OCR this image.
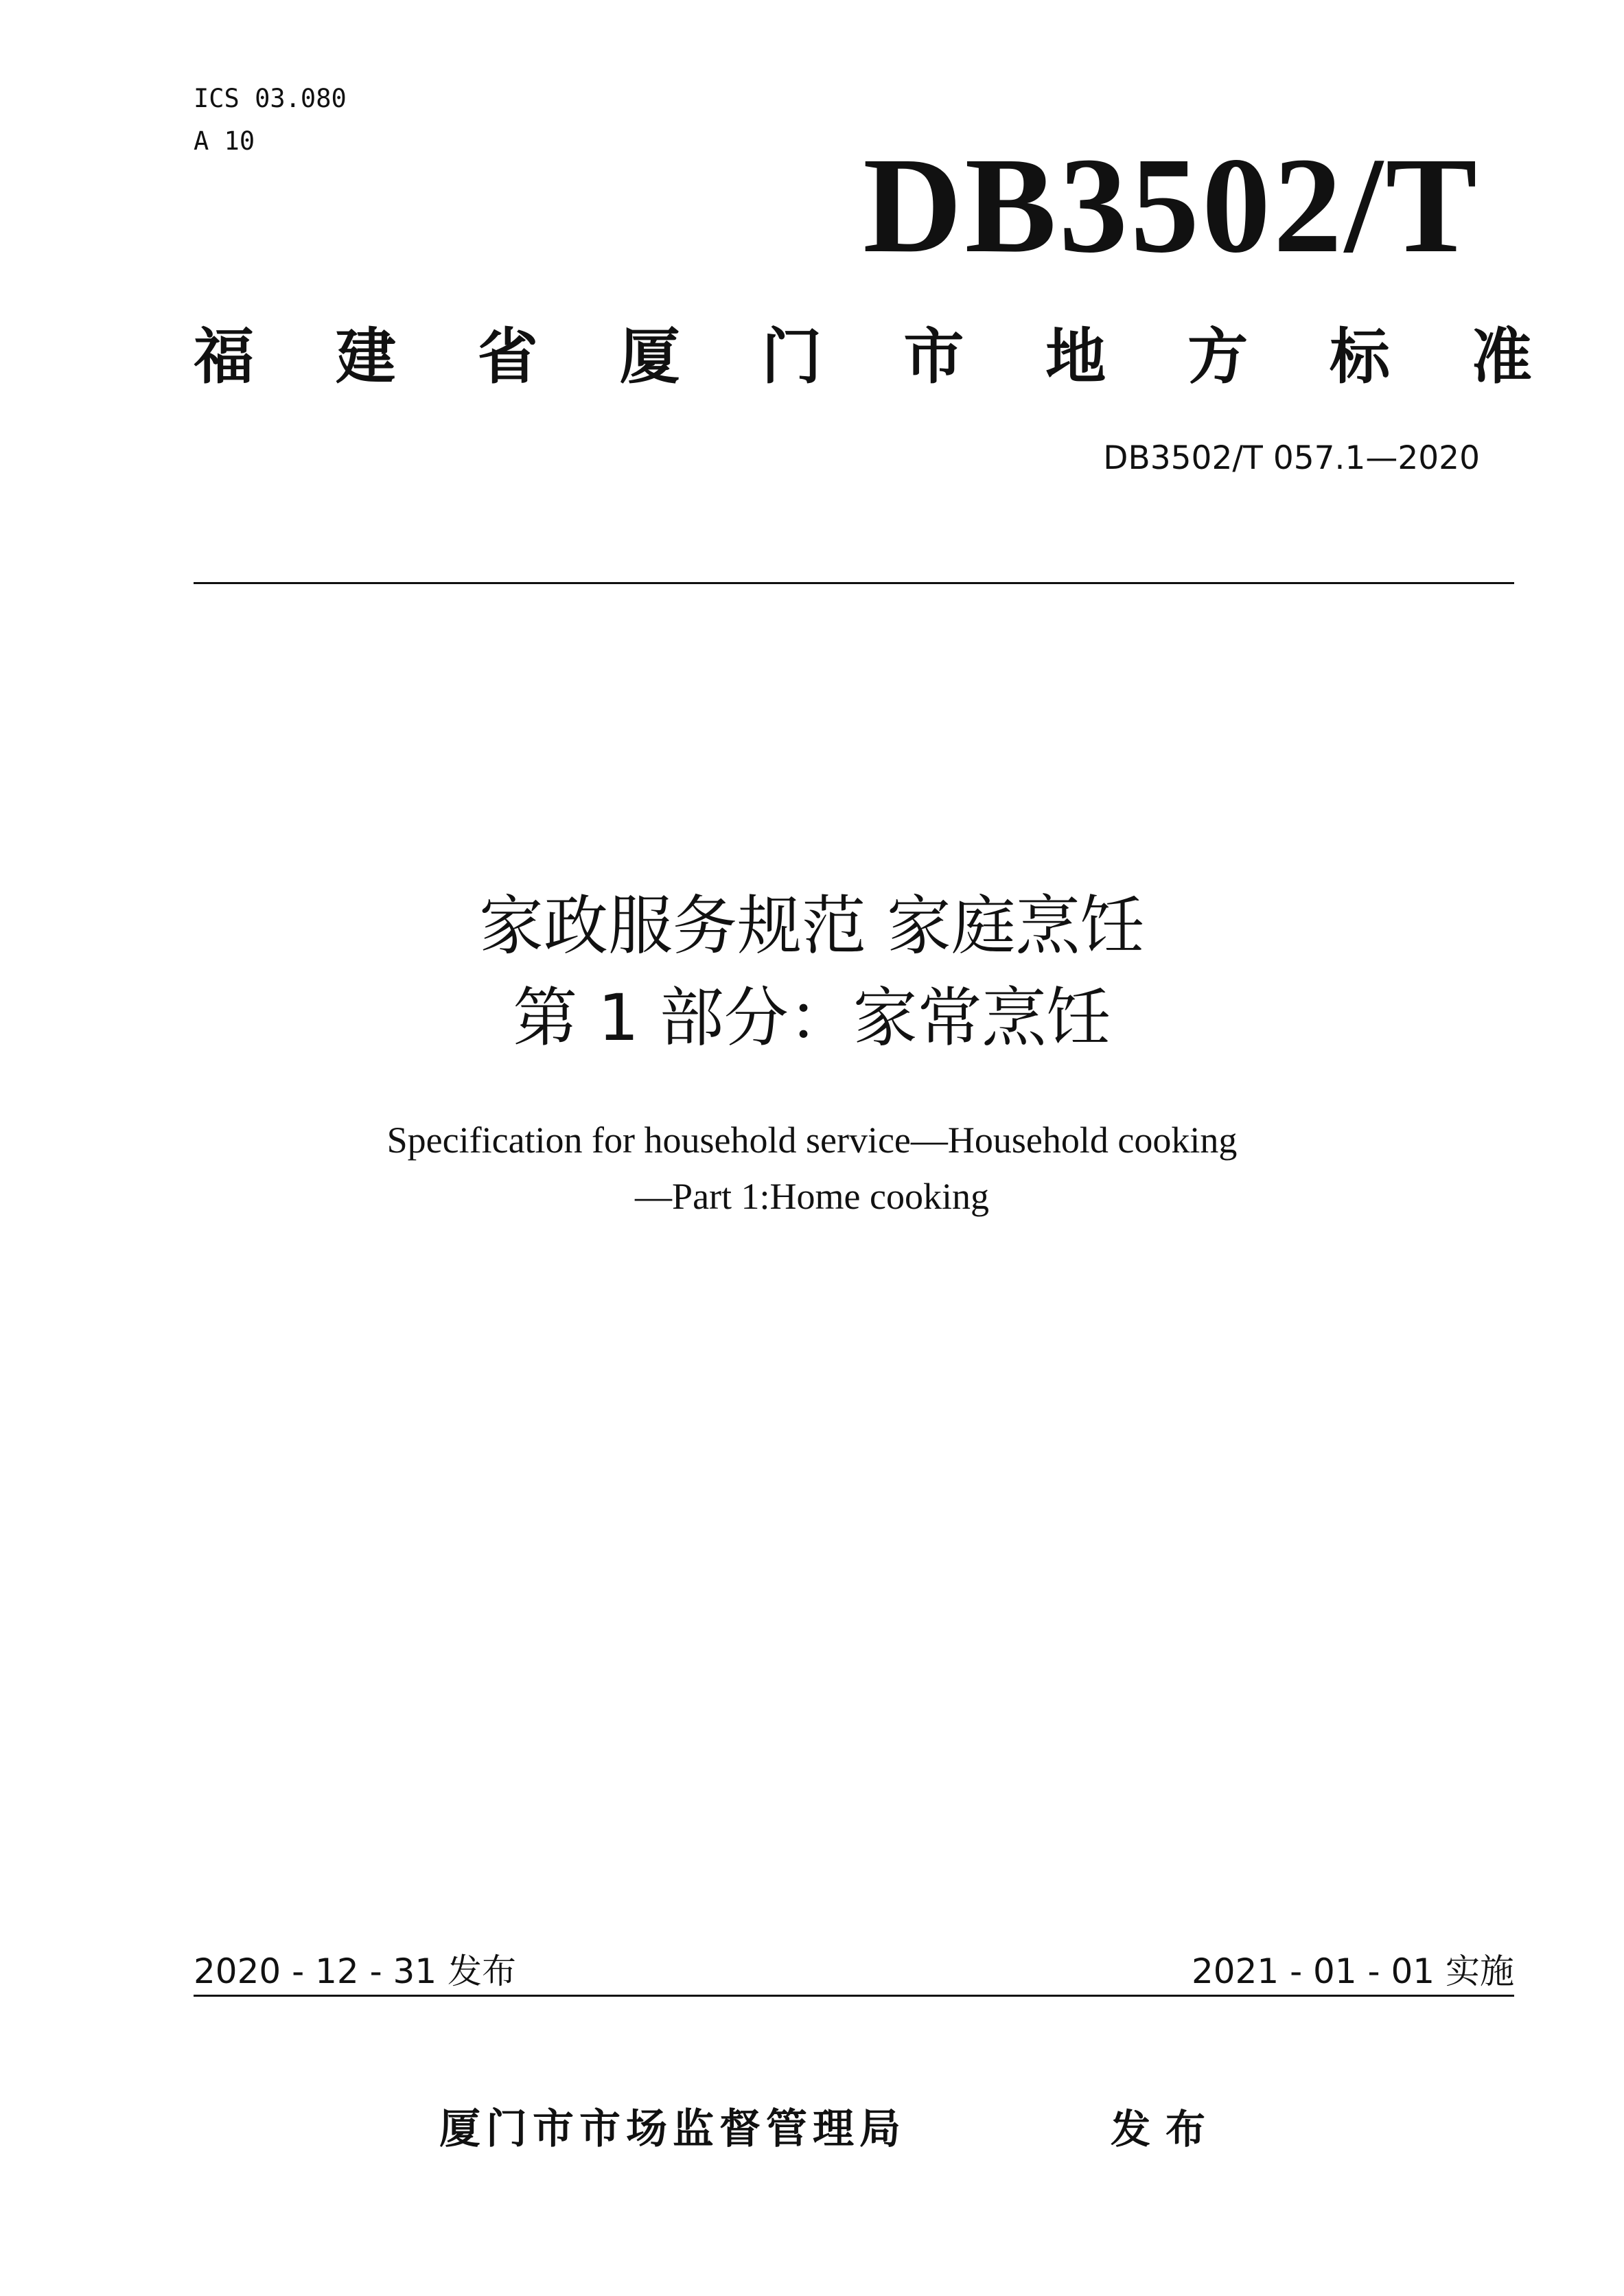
ICS 03.080
A 10	DB3502/T
福 建 省 厦 门 市 地 方 标 准
DB3502/T 057.1—2020
家政服务规范 家庭烹饪
第 1 部分：家常烹饪
Specification for household service—Household cooking
—Part 1:Home cooking
2020 - 12 - 31 发布	2021 - 01 - 01 实施
厦门市市场监督管理局	发布
